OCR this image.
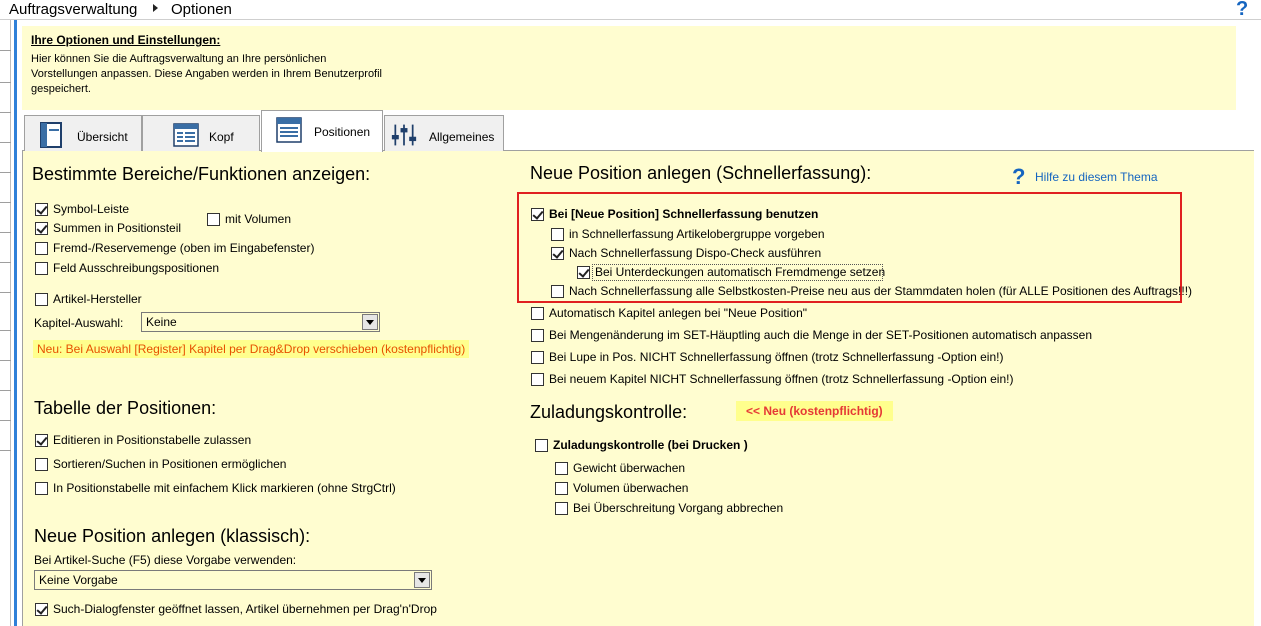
Auftragsverwaltung Optionen	?
Ihre Optionen und Einstellungen:
Hier können Sie die Auftragsverwaltung an Ihre persönlichen Vorstellungen anpassen. Diese Angaben werden in Ihrem Benutzerprofil gespeichert.
Übersicht	Kopf	Positionen	Allgemeines
Bestimmte Bereiche/Funktionen anzeigen:
Symbol-Leiste
mit Volumen
Summen in Positionsteil
Fremd-/Reservemenge (oben im Eingabefenster)
Feld Ausschreibungspositionen
Artikel-Hersteller
Kapitel-Auswahl: Keine
Neu: Bei Auswahl [Register] Kapitel per Drag&Drop verschieben (kostenpflichtig)
Tabelle der Positionen:
Editieren in Positionstabelle zulassen
Sortieren/Suchen in Positionen ermöglichen
In Positionstabelle mit einfachem Klick markieren (ohne StrgCtrl)
Neue Position anlegen (klassisch):
Bei Artikel-Suche (F5) diese Vorgabe verwenden:
Keine Vorgabe
Such-Dialogfenster geöffnet lassen, Artikel übernehmen per Drag'n'Drop
Neue Position anlegen (Schnellerfassung):	? Hilfe zu diesem Thema
Bei [Neue Position] Schnellerfassung benutzen
in Schnellerfassung Artikelobergruppe vorgeben
Nach Schnellerfassung Dispo-Check ausführen
Bei Unterdeckungen automatisch Fremdmenge setzen
Nach Schnellerfassung alle Selbstkosten-Preise neu aus der Stammdaten holen (für ALLE Positionen des Auftrags!!!)
Automatisch Kapitel anlegen bei "Neue Position"
Bei Mengenänderung im SET-Häuptling auch die Menge in der SET-Positionen automatisch anpassen
Bei Lupe in Pos. NICHT Schnellerfassung öffnen (trotz Schnellerfassung -Option ein!)
Bei neuem Kapitel NICHT Schnellerfassung öffnen (trotz Schnellerfassung -Option ein!)
Zuladungskontrolle:	<< Neu (kostenpflichtig)
Zuladungskontrolle (bei Drucken )
Gewicht überwachen
Volumen überwachen
Bei Überschreitung Vorgang abbrechen
